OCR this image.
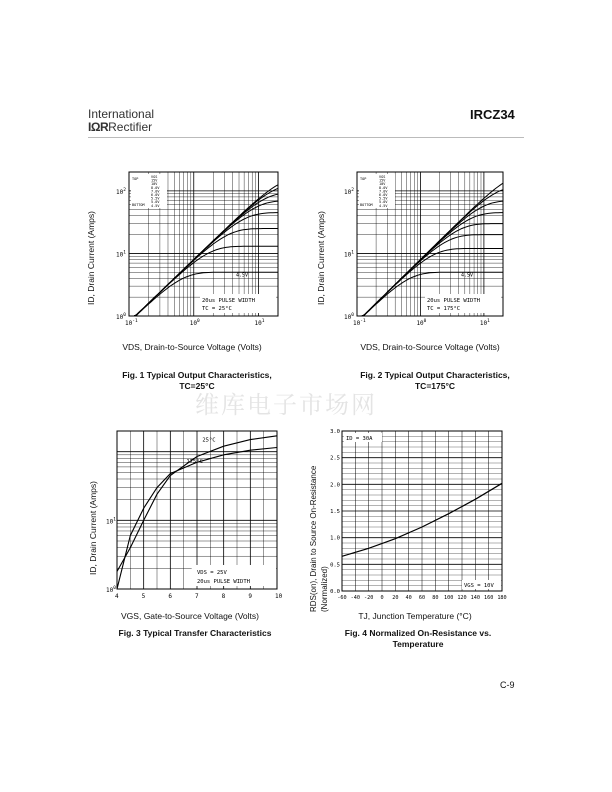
International
IΩRRectifier
IRCZ34
维库电子市场网
$10^{-1}$	$10^0$	$10^1$
$10^0$
$10^1$
$10^2$
TOP	VGS
15V
10V
8.0V
7.0V
6.0V
5.5V
5.0V
4.5V
BOTTOM
4.5V
20us PULSE WIDTH
TC = 25°C
ID, Drain Current (Amps)
VDS, Drain-to-Source Voltage (Volts)
Fig. 1 Typical Output Characteristics,
TC=25°C
$10^{-1}$	$10^0$	$10^1$
$10^0$
$10^1$
$10^2$
TOP	VGS
15V
10V
8.0V
7.0V
6.0V
5.5V
5.0V
4.5V
BOTTOM
4.5V
20us PULSE WIDTH
TC = 175°C
ID, Drain Current (Amps)
VDS, Drain-to-Source Voltage (Volts)
Fig. 2 Typical Output Characteristics,
TC=175°C
4	5	6	7	8	9	10
$10^0$
$10^1$
25°C
175°C
VDS = 25V
20us PULSE WIDTH
ID, Drain Current (Amps)
VGS, Gate-to-Source Voltage (Volts)
Fig. 3 Typical Transfer Characteristics
-60 -40 -20 0 20 40 60 80 100 120 140 160 180
0.0
0.5
1.0
1.5
2.0
2.5
3.0
ID = 30A
VGS = 10V
RDS(on), Drain to Source On-Resistance (Normalized)
TJ, Junction Temperature (°C)
Fig. 4 Normalized On-Resistance vs.
Temperature
C-9
